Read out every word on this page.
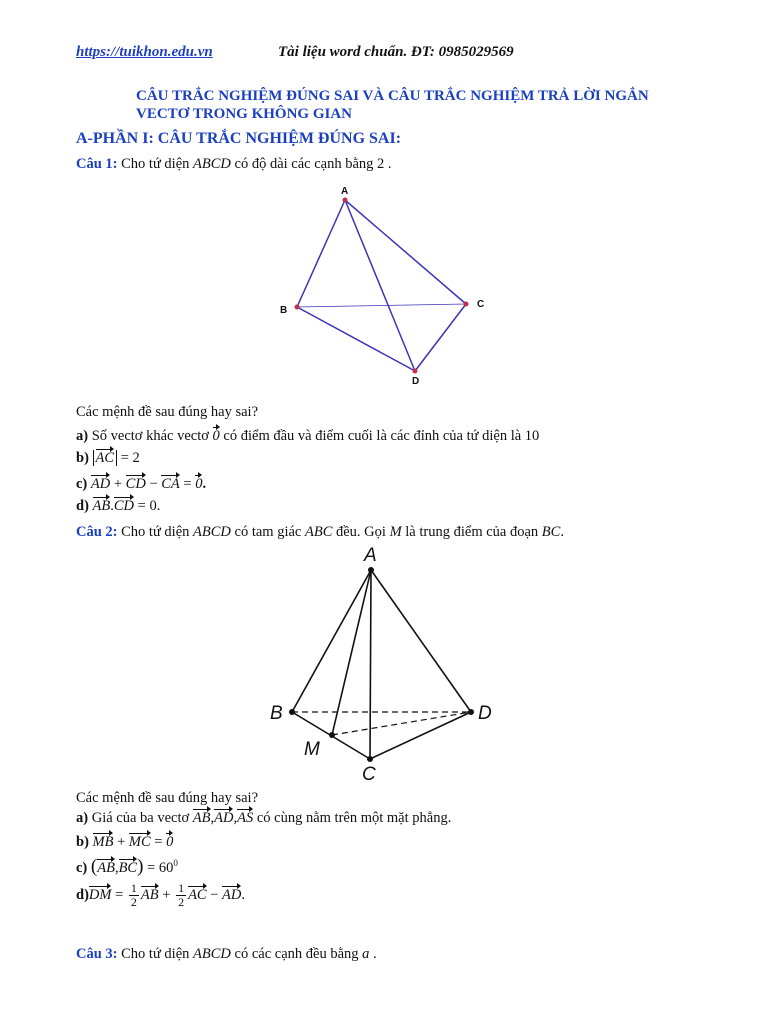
https://tuikhon.edu.vn	Tài liệu word chuẩn. ĐT: 0985029569
CÂU TRẮC NGHIỆM ĐÚNG SAI VÀ CÂU TRẮC NGHIỆM TRẢ LỜI NGẮN
VECTƠ TRONG KHÔNG GIAN
A-PHẦN I: CÂU TRẮC NGHIỆM ĐÚNG SAI:
Câu 1: Cho tứ diện ABCD có độ dài các cạnh bằng 2 .
A
B
C
D
Các mệnh đề sau đúng hay sai?
a) Số vectơ khác vectơ 0 có điểm đầu và điểm cuối là các đỉnh của tứ diện là 10
b) AC = 2
c) AD + CD − CA = 0.
d) AB.CD = 0.
Câu 2: Cho tứ diện ABCD có tam giác ABC đều. Gọi M là trung điểm của đoạn BC.
A
B	D
M
C
Các mệnh đề sau đúng hay sai?
a) Giá của ba vectơ AB,AD,AS có cùng nằm trên một mặt phẳng.
b) MB + MC = 0
c) $(AB,BC) = 60^0$
$d)DM = \frac{1}{2}$ AB + $\frac{1}{2}$ AC − AD.
Câu 3: Cho tứ diện ABCD có các cạnh đều bằng a .
